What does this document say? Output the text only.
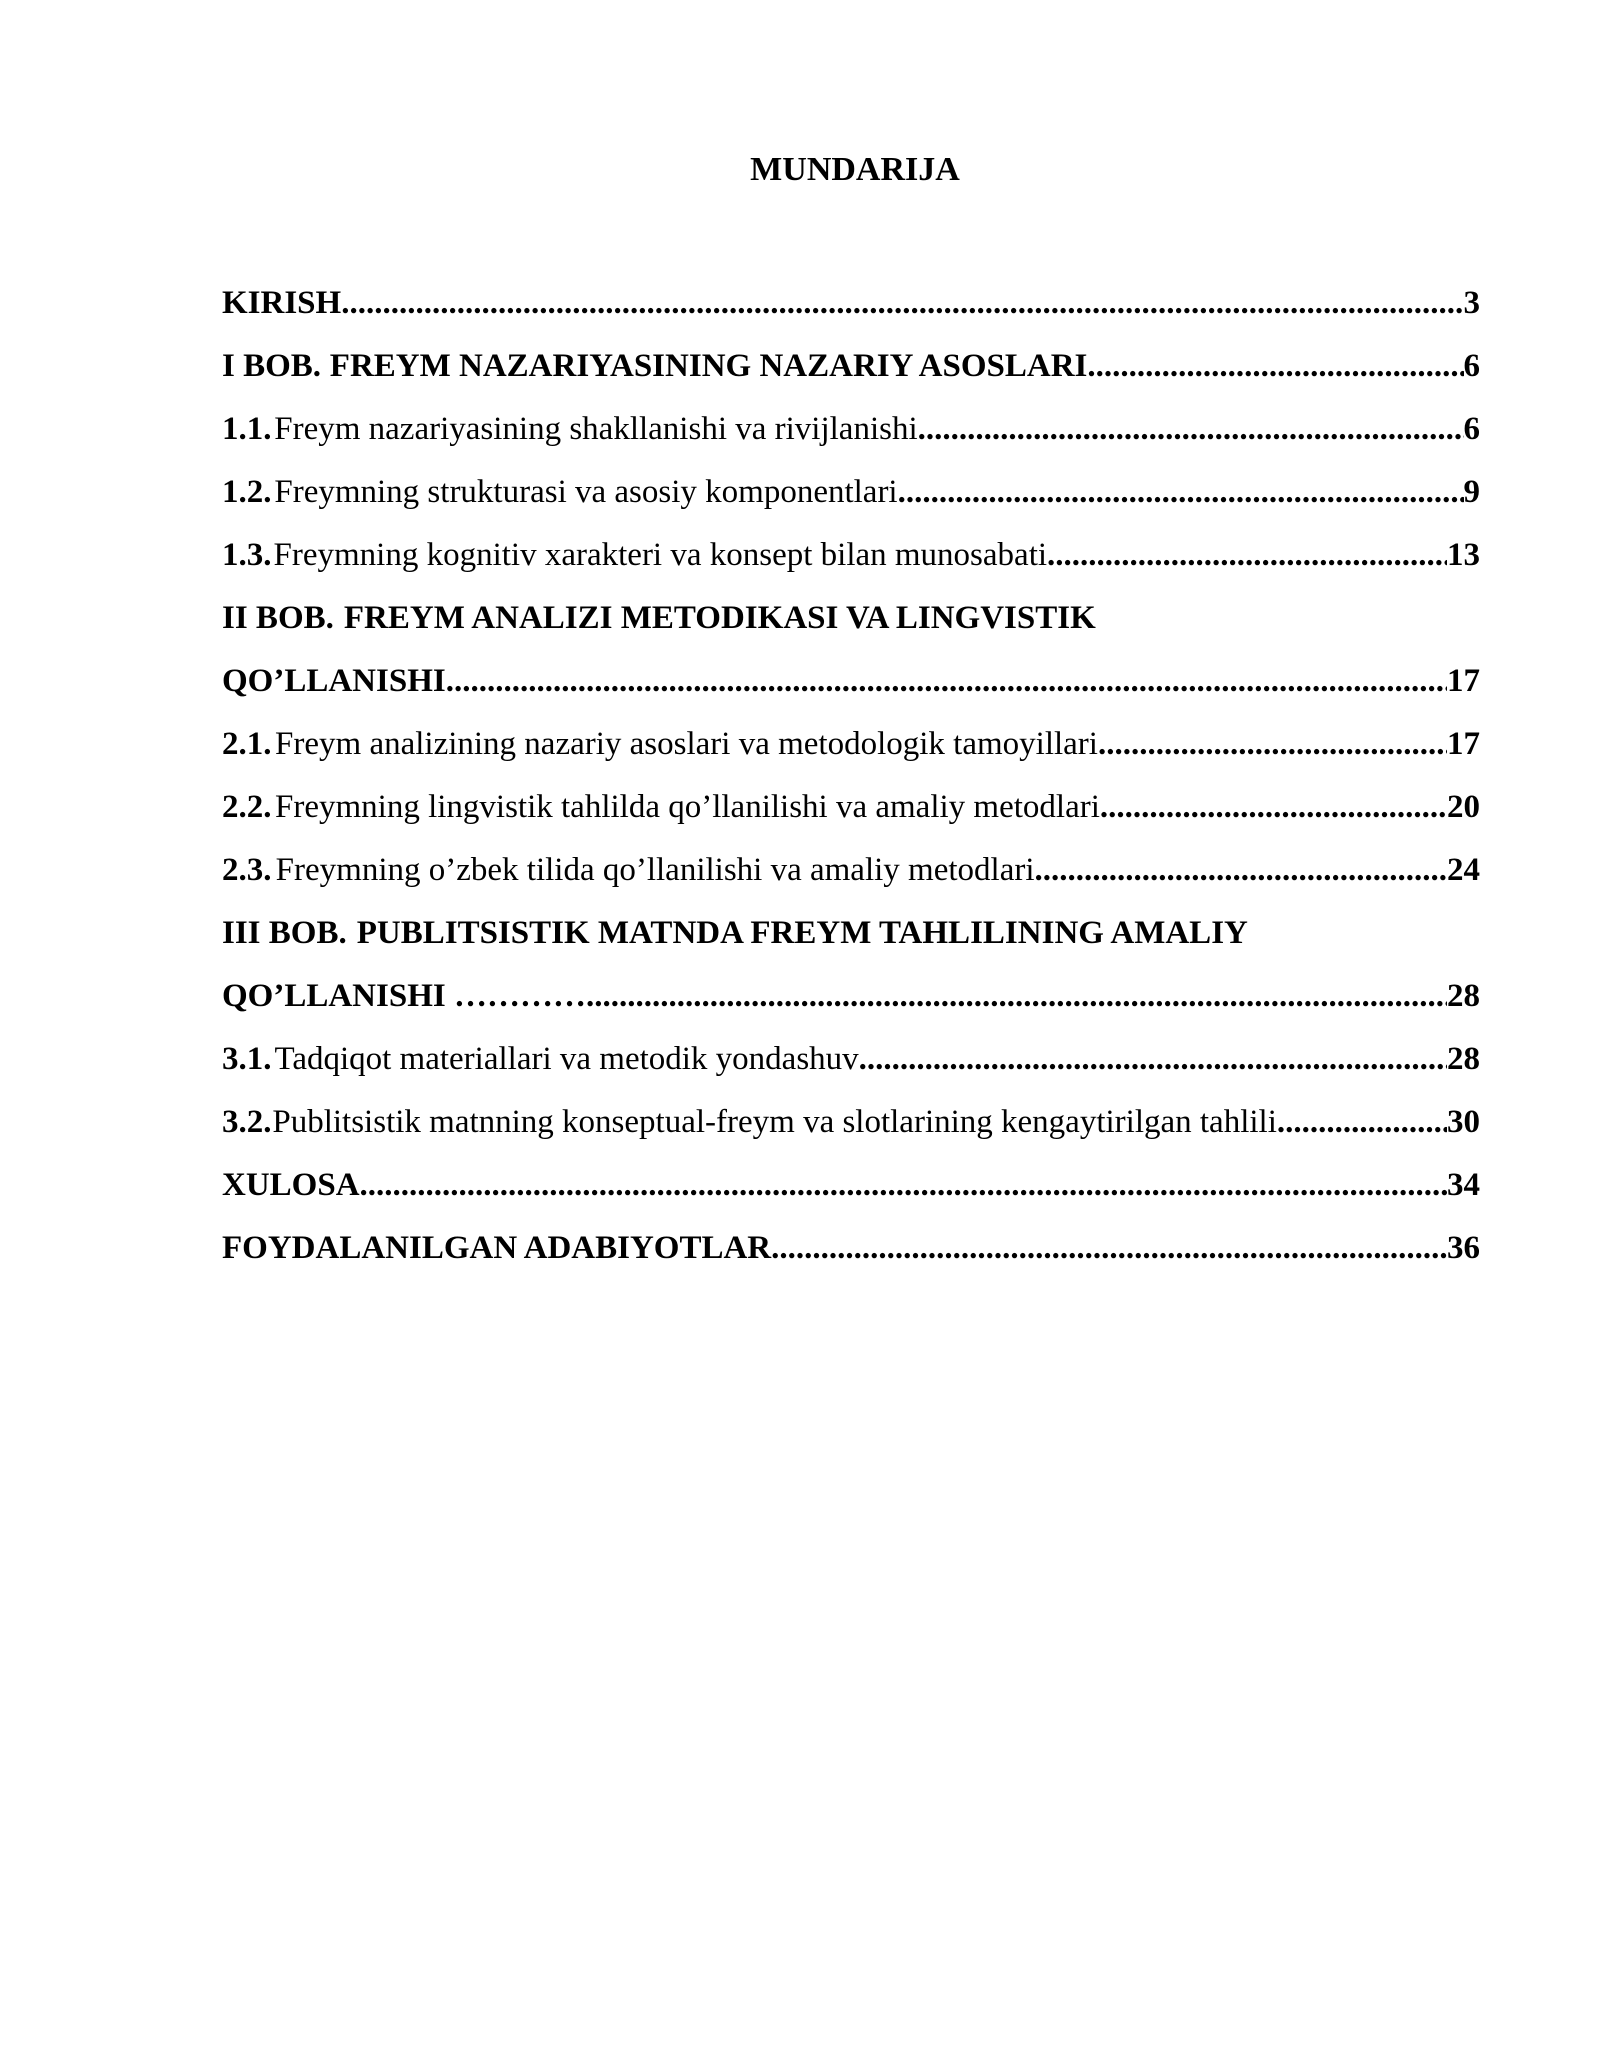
MUNDARIJA
KIRISH .....	3
I BOB. FREYM NAZARIYASINING NAZARIY ASOSLARI .....	6
1.1. Freym nazariyasining shakllanishi va rivijlanishi .....	6
1.2. Freymning strukturasi va asosiy komponentlari .....	9
1.3. Freymning kognitiv xarakteri va konsept bilan munosabati .....	13
II BOB. FREYM ANALIZI METODIKASI VA LINGVISTIK
QO’LLANISHI .....	17
2.1. Freym analizining nazariy asoslari va metodologik tamoyillari .....	17
2.2. Freymning lingvistik tahlilda qo’llanilishi va amaliy metodlari .....	20
2.3. Freymning o’zbek tilida qo’llanilishi va amaliy metodlari .....	24
III BOB. PUBLITSISTIK MATNDA FREYM TAHLILINING AMALIY
QO’LLANISHI ………… .....	28
3.1. Tadqiqot materiallari va metodik yondashuv .....	28
3.2. Publitsistik matnning konseptual-freym va slotlarining kengaytirilgan tahlili .....	30
XULOSA .....	34
FOYDALANILGAN ADABIYOTLAR .....	36
